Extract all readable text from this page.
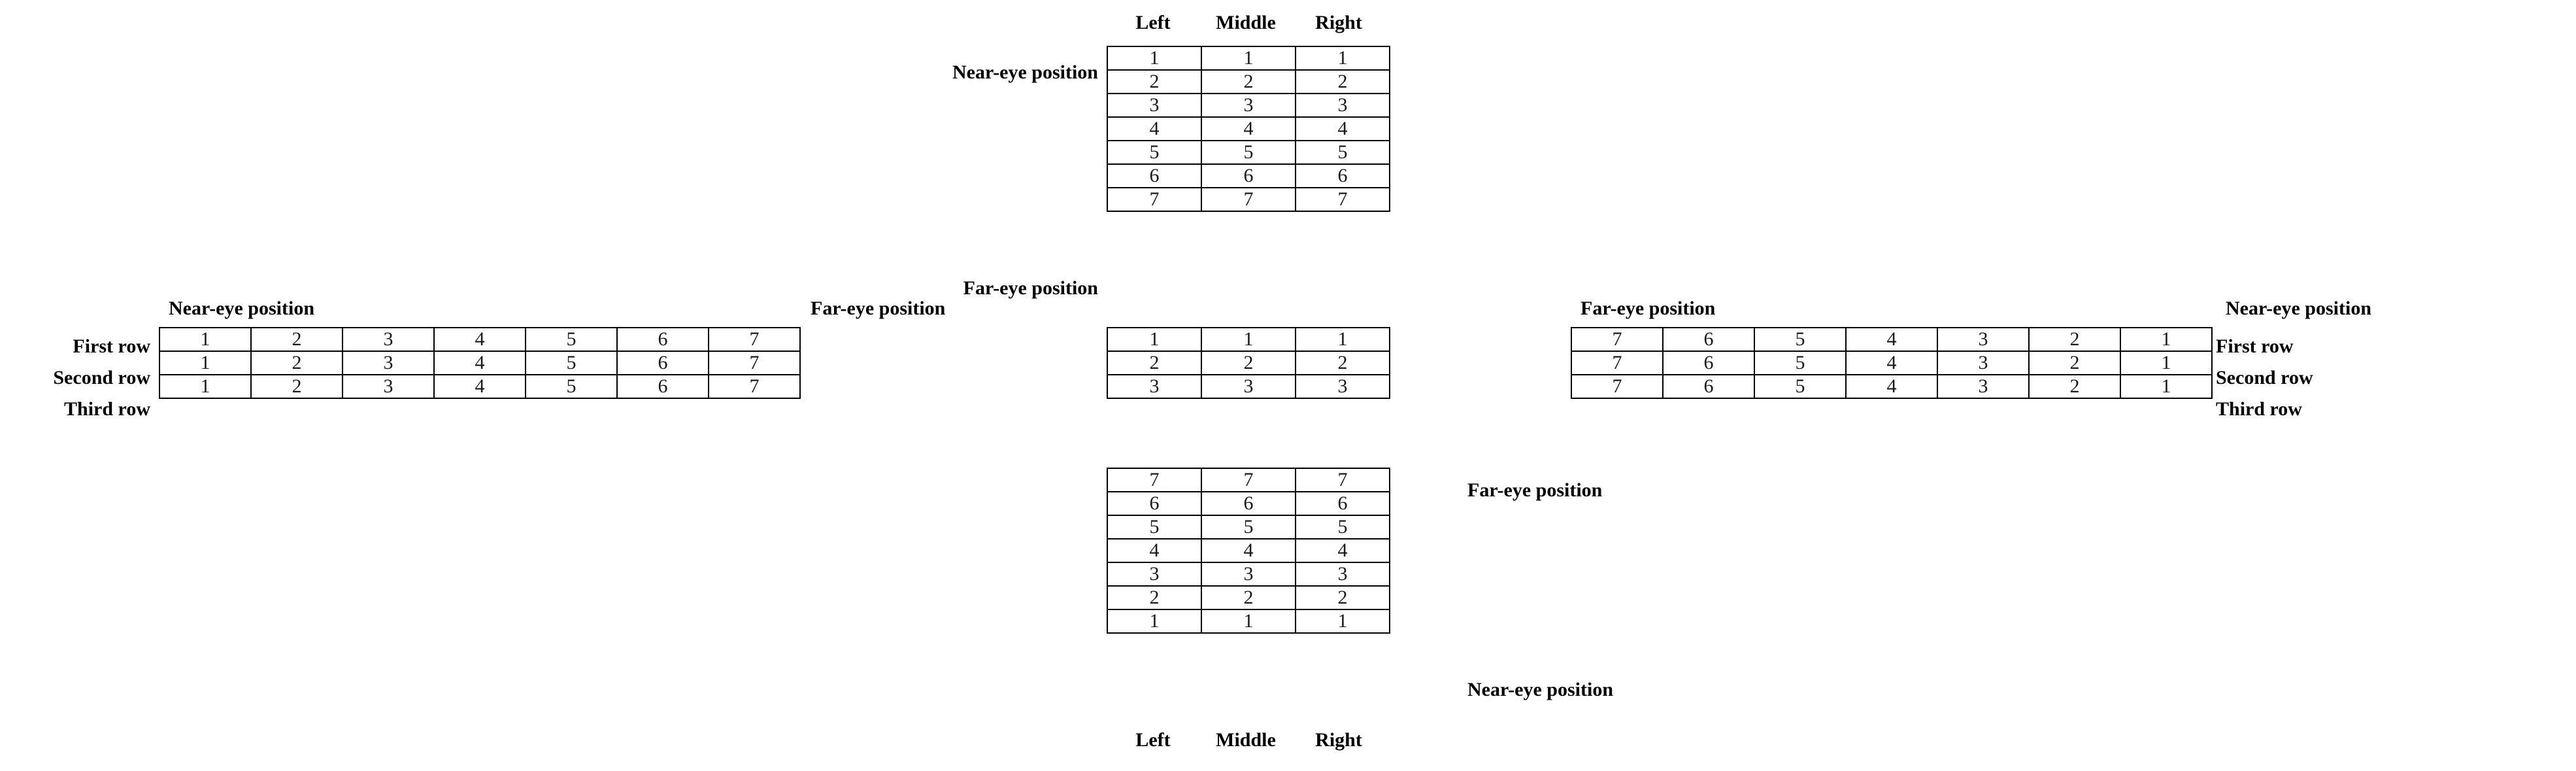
Left	Middle	Right
Near-eye position
Far-eye position
1	1	1
2	2	2
3	3	3
4	4	4
5	5	5
6	6	6
7	7	7
Near-eye position	Far-eye position
First row
Second row
Third row
1	2	3	4	5	6	7
1	2	3	4	5	6	7
1	2	3	4	5	6	7
1	1	1
2	2	2
3	3	3
Far-eye position	Near-eye position
First row
Second row
Third row
7	6	5	4	3	2	1
7	6	5	4	3	2	1
7	6	5	4	3	2	1
Far-eye position
Near-eye position
7	7	7
6	6	6
5	5	5
4	4	4
3	3	3
2	2	2
1	1	1
Left	Middle	Right
